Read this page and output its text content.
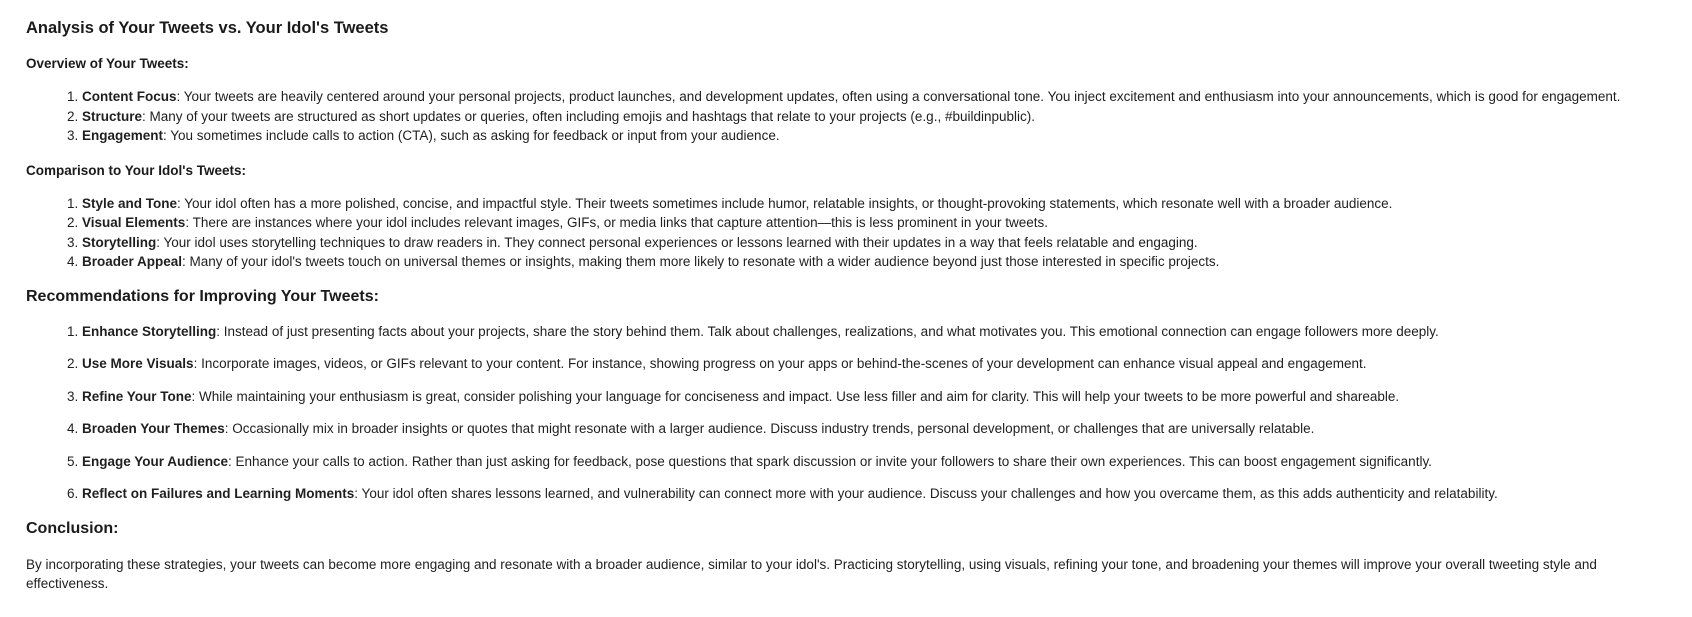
Analysis of Your Tweets vs. Your Idol's Tweets
Overview of Your Tweets:
1. Content Focus: Your tweets are heavily centered around your personal projects, product launches, and development updates, often using a conversational tone. You inject excitement and enthusiasm into your announcements, which is good for engagement.
2. Structure: Many of your tweets are structured as short updates or queries, often including emojis and hashtags that relate to your projects (e.g., #buildinpublic).
3. Engagement: You sometimes include calls to action (CTA), such as asking for feedback or input from your audience.
Comparison to Your Idol's Tweets:
1. Style and Tone: Your idol often has a more polished, concise, and impactful style. Their tweets sometimes include humor, relatable insights, or thought-provoking statements, which resonate well with a broader audience.
2. Visual Elements: There are instances where your idol includes relevant images, GIFs, or media links that capture attention—this is less prominent in your tweets.
3. Storytelling: Your idol uses storytelling techniques to draw readers in. They connect personal experiences or lessons learned with their updates in a way that feels relatable and engaging.
4. Broader Appeal: Many of your idol's tweets touch on universal themes or insights, making them more likely to resonate with a wider audience beyond just those interested in specific projects.
Recommendations for Improving Your Tweets:
1. Enhance Storytelling: Instead of just presenting facts about your projects, share the story behind them. Talk about challenges, realizations, and what motivates you. This emotional connection can engage followers more deeply.
2. Use More Visuals: Incorporate images, videos, or GIFs relevant to your content. For instance, showing progress on your apps or behind-the-scenes of your development can enhance visual appeal and engagement.
3. Refine Your Tone: While maintaining your enthusiasm is great, consider polishing your language for conciseness and impact. Use less filler and aim for clarity. This will help your tweets to be more powerful and shareable.
4. Broaden Your Themes: Occasionally mix in broader insights or quotes that might resonate with a larger audience. Discuss industry trends, personal development, or challenges that are universally relatable.
5. Engage Your Audience: Enhance your calls to action. Rather than just asking for feedback, pose questions that spark discussion or invite your followers to share their own experiences. This can boost engagement significantly.
6. Reflect on Failures and Learning Moments: Your idol often shares lessons learned, and vulnerability can connect more with your audience. Discuss your challenges and how you overcame them, as this adds authenticity and relatability.
Conclusion:

By incorporating these strategies, your tweets can become more engaging and resonate with a broader audience, similar to your idol's. Practicing storytelling, using visuals, refining your tone, and broadening your themes will improve your overall tweeting style and effectiveness.
